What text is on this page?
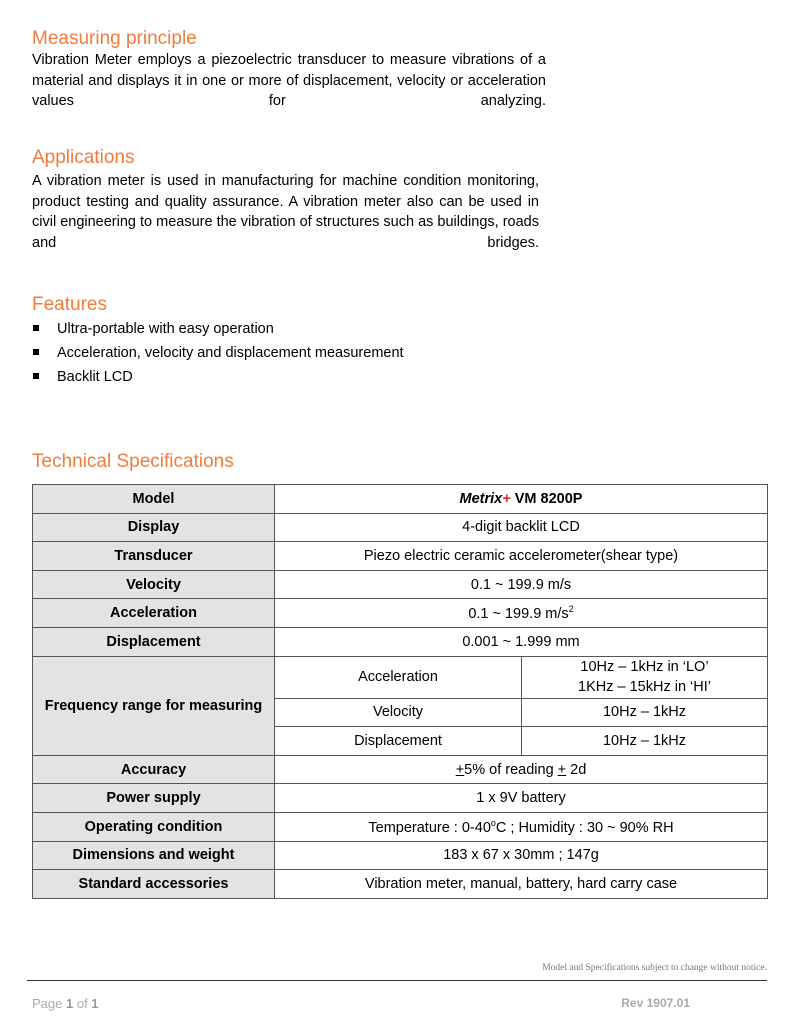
Measuring principle

Vibration Meter employs a piezoelectric transducer to measure vibrations of a material and displays it in one or more of displacement, velocity or acceleration values for analyzing.

Applications

A vibration meter is used in manufacturing for machine condition monitoring, product testing and quality assurance. A vibration meter also can be used in civil engineering to measure the vibration of structures such as buildings, roads and bridges.

Features
Ultra-portable with easy operation
Acceleration, velocity and displacement measurement
Backlit LCD
Technical Specifications
Model	Metrix+ VM 8200P	
Display	4-digit backlit LCD	
Transducer	Piezo electric ceramic accelerometer(shear type)	
Velocity	0.1 ~ 199.9 m/s	
Acceleration	0.1 ~ 199.9 $m/s^2$
Displacement	0.001 ~ 1.999 mm	
Frequency range for measuring	Acceleration	10Hz – 1kHz in ‘LO’
1KHz – 15kHz in ‘HI’
	Velocity	10Hz – 1kHz
	Displacement	10Hz – 1kHz
Accuracy	+5% of reading + 2d	
Power supply	1 x 9V battery	
Operating condition	Temperature : 0-40$^o$C ; Humidity : 30 ~ 90% RH	
Dimensions and weight	183 x 67 x 30mm ; 147g	
Standard accessories	Vibration meter, manual, battery, hard carry case	
Model and Specifications subject to change without notice.
Page 1 of 1	Rev 1907.01
